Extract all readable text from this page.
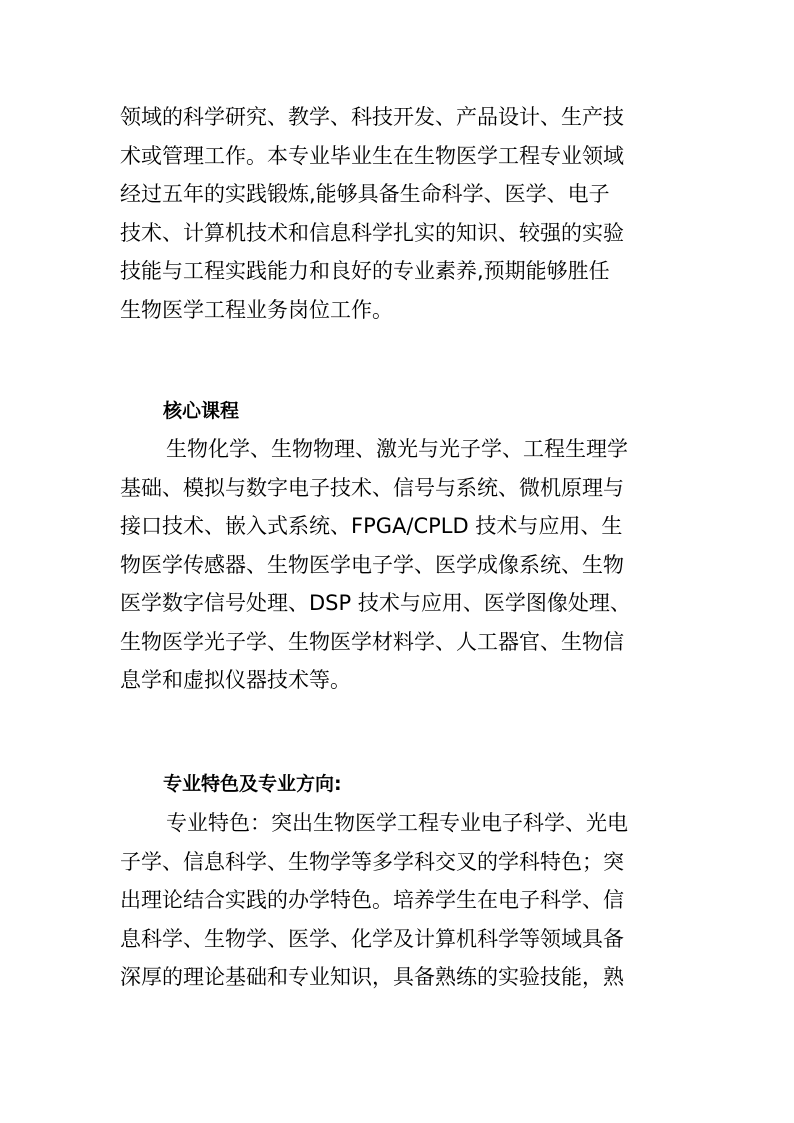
领域的科学研究、教学、科技开发、产品设计、生产技
术或管理工作。本专业毕业生在生物医学工程专业领域
经过五年的实践锻炼,能够具备生命科学、医学、电子
技术、计算机技术和信息科学扎实的知识、较强的实验
技能与工程实践能力和良好的专业素养,预期能够胜任
生物医学工程业务岗位工作。
核心课程
生物化学、生物物理、激光与光子学、工程生理学
基础、模拟与数字电子技术、信号与系统、微机原理与
接口技术、嵌入式系统、FPGA/CPLD 技术与应用、生
物医学传感器、生物医学电子学、医学成像系统、生物
医学数字信号处理、DSP 技术与应用、医学图像处理、
生物医学光子学、生物医学材料学、人工器官、生物信
息学和虚拟仪器技术等。
专业特色及专业方向:
专业特色：突出生物医学工程专业电子科学、光电
子学、信息科学、生物学等多学科交叉的学科特色；突
出理论结合实践的办学特色。培养学生在电子科学、信
息科学、生物学、医学、化学及计算机科学等领域具备
深厚的理论基础和专业知识，具备熟练的实验技能，熟
